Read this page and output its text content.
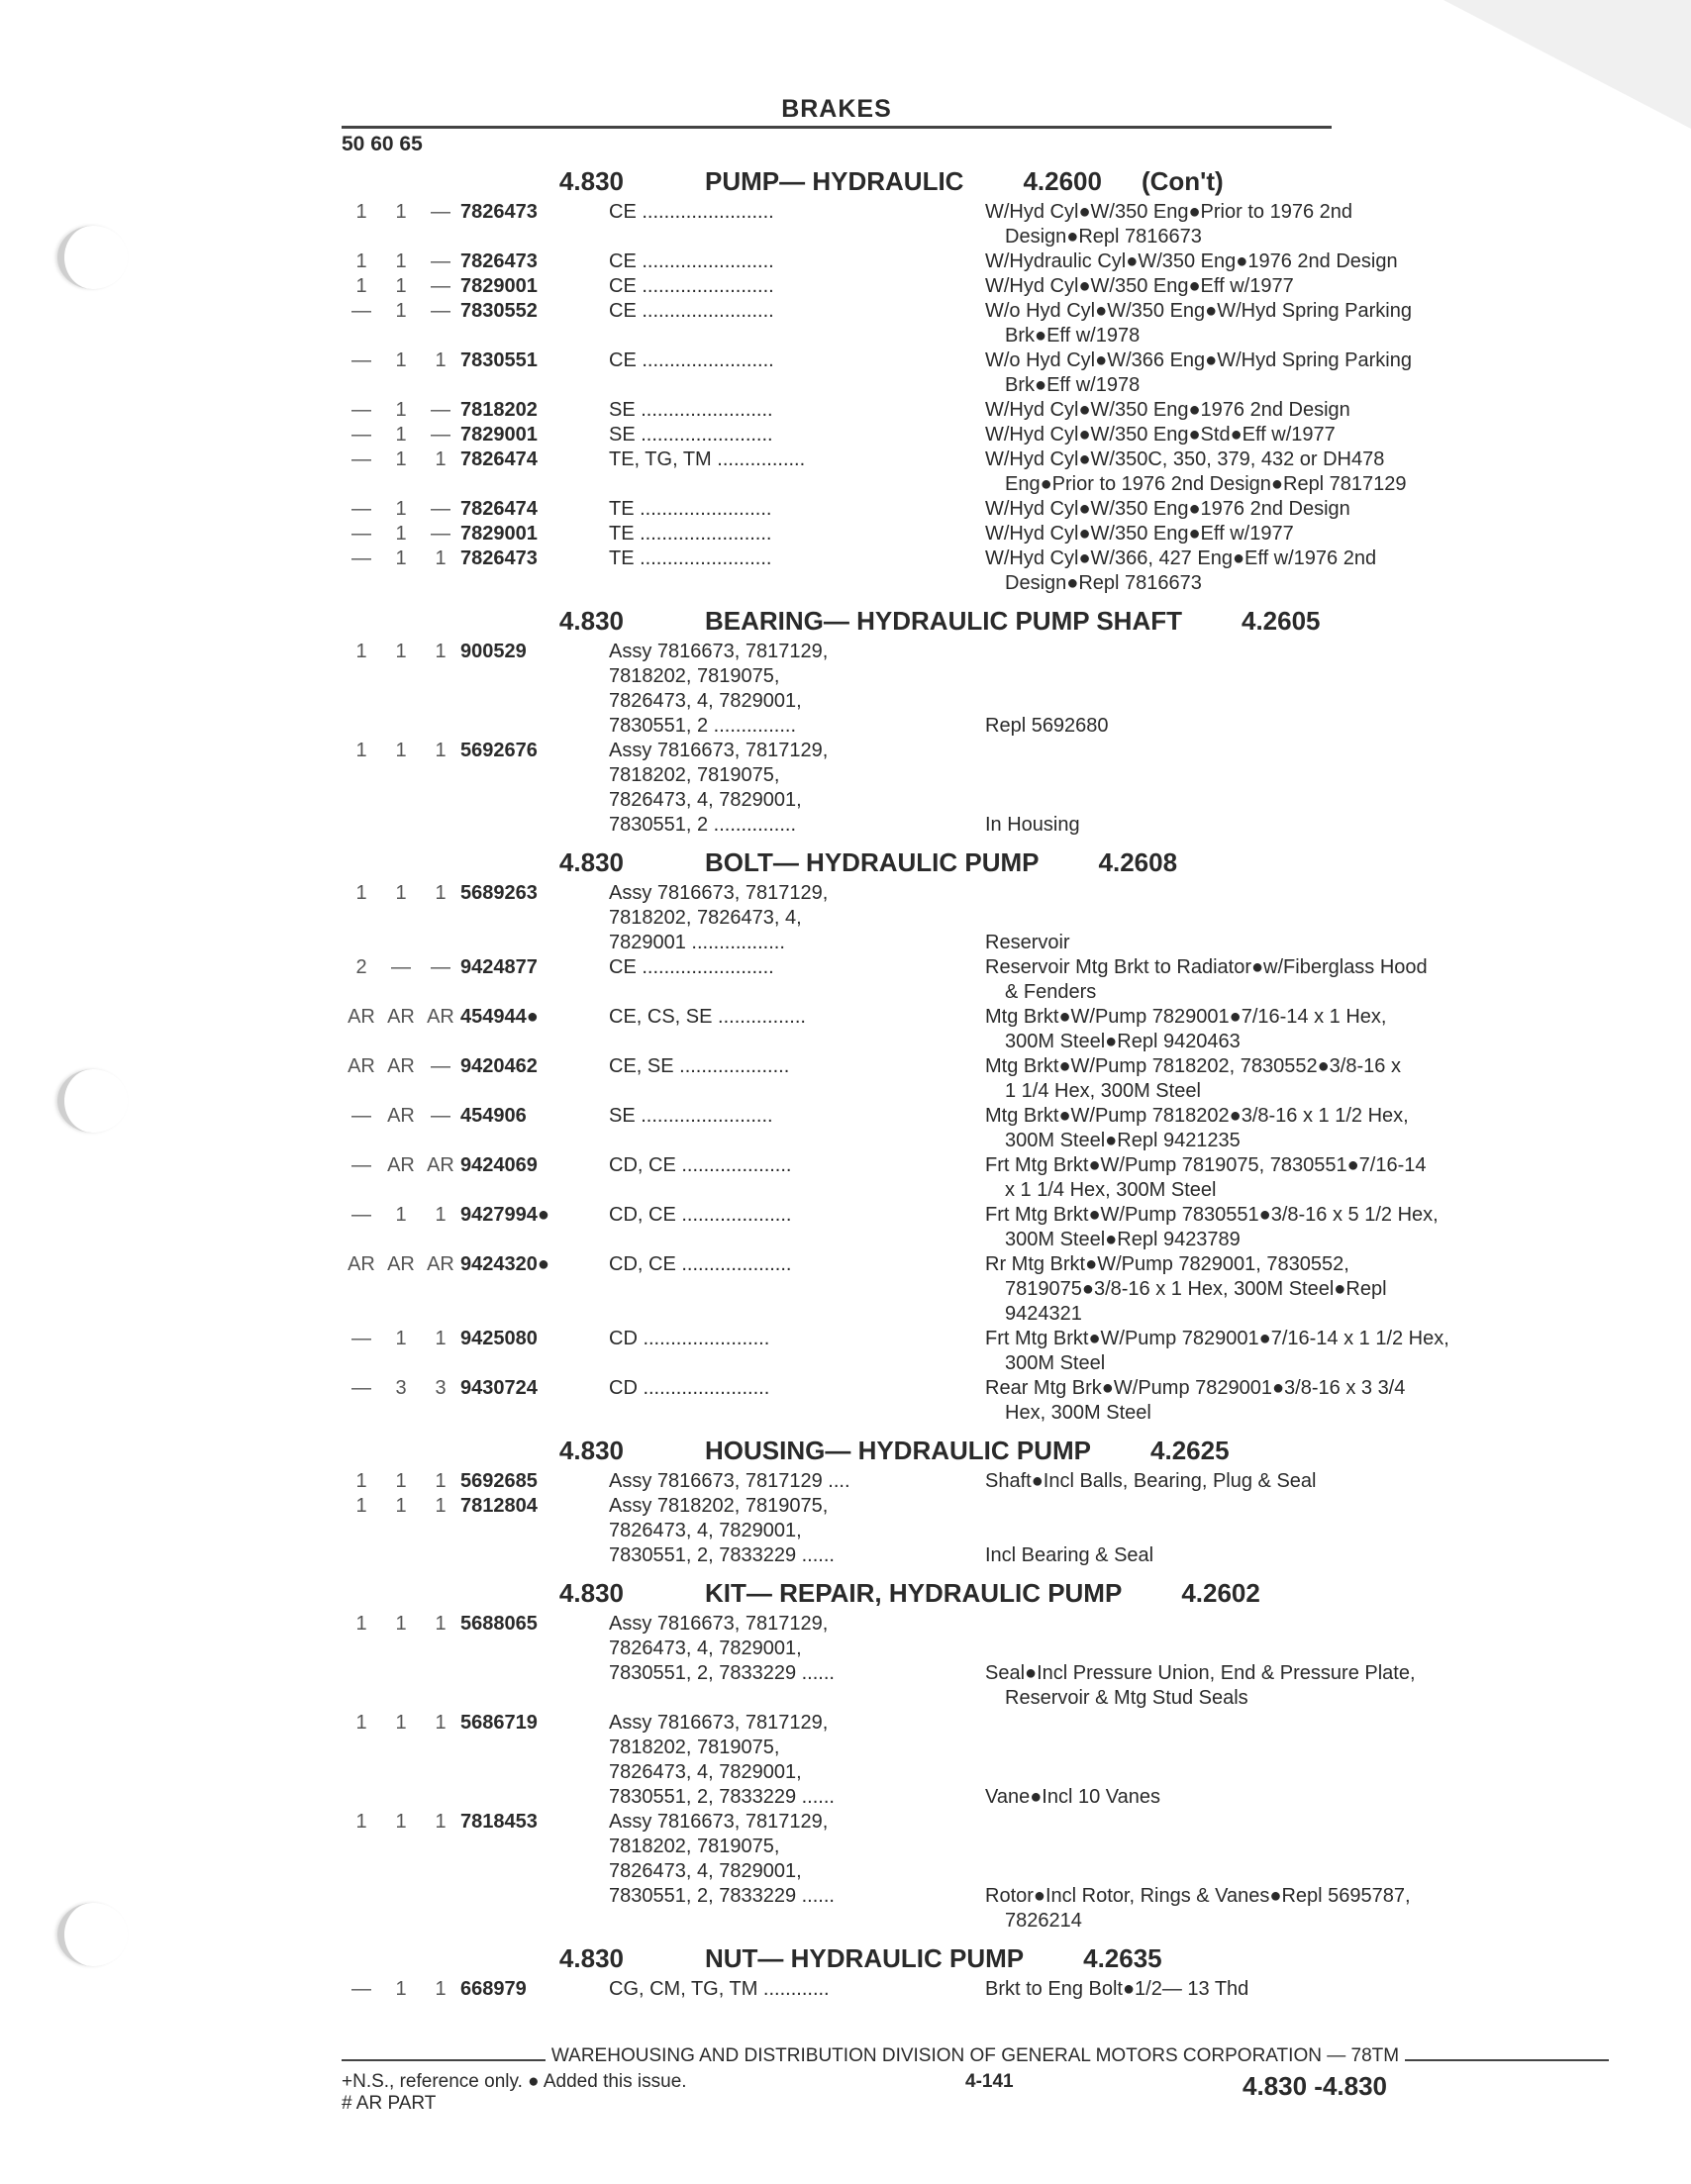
BRAKES
50 60 65
4.830	PUMP— HYDRAULIC 4.2600 (Con't)
1	1	— 7826473	CE ........................	W/Hyd Cyl●W/350 Eng●Prior to 1976 2nd
Design●Repl 7816673
1	1	— 7826473	CE ........................	W/Hydraulic Cyl●W/350 Eng●1976 2nd Design
1	1	— 7829001	CE ........................	W/Hyd Cyl●W/350 Eng●Eff w/1977
—	1	— 7830552	CE ........................	W/o Hyd Cyl●W/350 Eng●W/Hyd Spring Parking
Brk●Eff w/1978
—	1	1 7830551	CE ........................	W/o Hyd Cyl●W/366 Eng●W/Hyd Spring Parking
Brk●Eff w/1978
—	1	— 7818202	SE ........................	W/Hyd Cyl●W/350 Eng●1976 2nd Design
—	1	— 7829001	SE ........................	W/Hyd Cyl●W/350 Eng●Std●Eff w/1977
—	1	1 7826474	TE, TG, TM ................	W/Hyd Cyl●W/350C, 350, 379, 432 or DH478
Eng●Prior to 1976 2nd Design●Repl 7817129
—	1	— 7826474	TE ........................	W/Hyd Cyl●W/350 Eng●1976 2nd Design
—	1	— 7829001	TE ........................	W/Hyd Cyl●W/350 Eng●Eff w/1977
—	1	1 7826473	TE ........................	W/Hyd Cyl●W/366, 427 Eng●Eff w/1976 2nd
Design●Repl 7816673
4.830	BEARING— HYDRAULIC PUMP SHAFT 4.2605
1	1	1 900529	Assy 7816673, 7817129,
7818202, 7819075,
7826473, 4, 7829001,
7830551, 2 ...............	

Repl 5692680
1	1	1 5692676	Assy 7816673, 7817129,
7818202, 7819075,
7826473, 4, 7829001,
7830551, 2 ...............	

In Housing
4.830	BOLT— HYDRAULIC PUMP 4.2608
1	1	1 5689263	Assy 7816673, 7817129,
7818202, 7826473, 4,
7829001 .................	

Reservoir
2	—	— 9424877	CE ........................	Reservoir Mtg Brkt to Radiator●w/Fiberglass Hood
& Fenders
AR AR AR 454944●	CE, CS, SE ................	Mtg Brkt●W/Pump 7829001●7/16-14 x 1 Hex,
300M Steel●Repl 9420463
AR AR — 9420462	CE, SE ....................	Mtg Brkt●W/Pump 7818202, 7830552●3/8-16 x
1 1/4 Hex, 300M Steel
— AR — 454906	SE ........................	Mtg Brkt●W/Pump 7818202●3/8-16 x 1 1/2 Hex,
300M Steel●Repl 9421235
— AR AR 9424069	CD, CE ....................	Frt Mtg Brkt●W/Pump 7819075, 7830551●7/16-14
x 1 1/4 Hex, 300M Steel
—	1	1 9427994●	CD, CE ....................	Frt Mtg Brkt●W/Pump 7830551●3/8-16 x 5 1/2 Hex,
300M Steel●Repl 9423789
AR AR AR 9424320●	CD, CE ....................	Rr Mtg Brkt●W/Pump 7829001, 7830552,
7819075●3/8-16 x 1 Hex, 300M Steel●Repl
9424321
—	1	1 9425080	CD .......................	Frt Mtg Brkt●W/Pump 7829001●7/16-14 x 1 1/2 Hex,
300M Steel
—	3	3 9430724	CD .......................	Rear Mtg Brk●W/Pump 7829001●3/8-16 x 3 3/4
Hex, 300M Steel
4.830	HOUSING— HYDRAULIC PUMP 4.2625
1	1	1 5692685	Assy 7816673, 7817129 ....	Shaft●Incl Balls, Bearing, Plug & Seal
1	1	1 7812804	Assy 7818202, 7819075,
7826473, 4, 7829001,
7830551, 2, 7833229 ......	

Incl Bearing & Seal
4.830	KIT— REPAIR, HYDRAULIC PUMP 4.2602
1	1	1 5688065	Assy 7816673, 7817129,
7826473, 4, 7829001,
7830551, 2, 7833229 ......	

Seal●Incl Pressure Union, End & Pressure Plate,
Reservoir & Mtg Stud Seals
1	1	1 5686719	Assy 7816673, 7817129,
7818202, 7819075,
7826473, 4, 7829001,
7830551, 2, 7833229 ......	

Vane●Incl 10 Vanes
1	1	1 7818453	Assy 7816673, 7817129,
7818202, 7819075,
7826473, 4, 7829001,
7830551, 2, 7833229 ......	

Rotor●Incl Rotor, Rings & Vanes●Repl 5695787,
7826214
4.830	NUT— HYDRAULIC PUMP 4.2635
—	1	1 668979	CG, CM, TG, TM ............	Brkt to Eng Bolt●1/2— 13 Thd
WAREHOUSING AND DISTRIBUTION DIVISION OF GENERAL MOTORS CORPORATION — 78TM
+N.S., reference only. ● Added this issue.
# AR PART
4-141	4.830 -4.830
